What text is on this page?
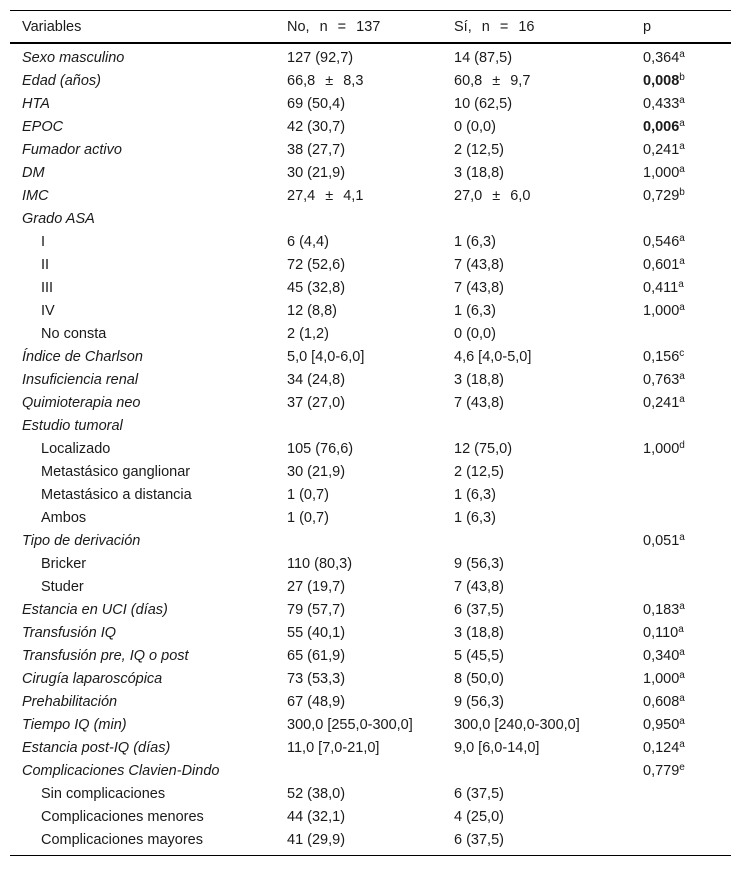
Variables	No, n = 137	Sí, n = 16	p
Sexo masculino	127 (92,7)	14 (87,5)	0,364$^a$
Edad (años)	66,8 ± 8,3	60,8 ± 9,7	0,008$^b$
HTA	69 (50,4)	10 (62,5)	0,433$^a$
EPOC	42 (30,7)	0 (0,0)	0,006$^a$
Fumador activo	38 (27,7)	2 (12,5)	0,241$^a$
DM	30 (21,9)	3 (18,8)	1,000$^a$
IMC	27,4 ± 4,1	27,0 ± 6,0	0,729$^b$
Grado ASA			
I	6 (4,4)	1 (6,3)	0,546$^a$
II	72 (52,6)	7 (43,8)	0,601$^a$
III	45 (32,8)	7 (43,8)	0,411$^a$
IV	12 (8,8)	1 (6,3)	1,000$^a$
No consta	2 (1,2)	0 (0,0)	
Índice de Charlson	5,0 [4,0-6,0]	4,6 [4,0-5,0]	0,156$^c$
Insuficiencia renal	34 (24,8)	3 (18,8)	0,763$^a$
Quimioterapia neo	37 (27,0)	7 (43,8)	0,241$^a$
Estudio tumoral			
Localizado	105 (76,6)	12 (75,0)	1,000$^d$
Metastásico ganglionar	30 (21,9)	2 (12,5)	
Metastásico a distancia	1 (0,7)	1 (6,3)	
Ambos	1 (0,7)	1 (6,3)	
Tipo de derivación			0,051$^a$
Bricker	110 (80,3)	9 (56,3)	
Studer	27 (19,7)	7 (43,8)	
Estancia en UCI (días)	79 (57,7)	6 (37,5)	0,183$^a$
Transfusión IQ	55 (40,1)	3 (18,8)	0,110$^a$
Transfusión pre, IQ o post	65 (61,9)	5 (45,5)	0,340$^a$
Cirugía laparoscópica	73 (53,3)	8 (50,0)	1,000$^a$
Prehabilitación	67 (48,9)	9 (56,3)	0,608$^a$
Tiempo IQ (min)	300,0 [255,0-300,0]	300,0 [240,0-300,0]	0,950$^a$
Estancia post-IQ (días)	11,0 [7,0-21,0]	9,0 [6,0-14,0]	0,124$^a$
Complicaciones Clavien-Dindo			0,779e
Sin complicaciones	52 (38,0)	6 (37,5)	
Complicaciones menores	44 (32,1)	4 (25,0)	
Complicaciones mayores	41 (29,9)	6 (37,5)	
